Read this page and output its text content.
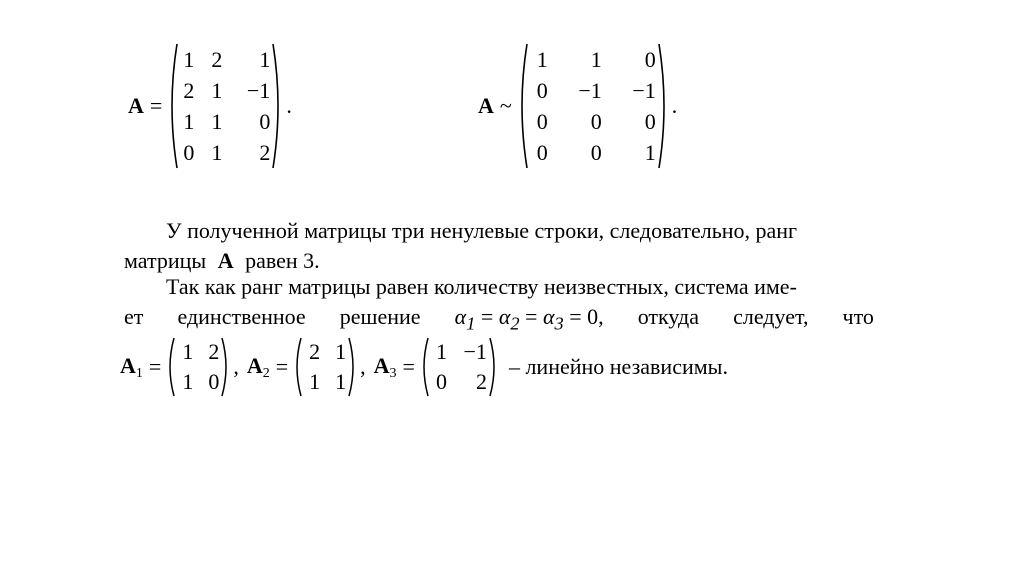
A =
1 2	1
2 1	−1
1 1	0
0 1	2
.	A ~
1	1	0
0	−1	−1
0	0	0
0	0	1
.
У полученной матрицы три ненулевые строки, следовательно, ранг
матрицы A равен 3.
Так как ранг матрицы равен количеству неизвестных, система име-
ет единственное решение $\alpha_1 = \alpha_2 = \alpha_3 = 0$, откуда следует, что
$A_1$ =
1 2
1 0
, $A_2$ =
2 1
1 1
, $A_3$ =
1 −1
0	2
– линейно независимы.
